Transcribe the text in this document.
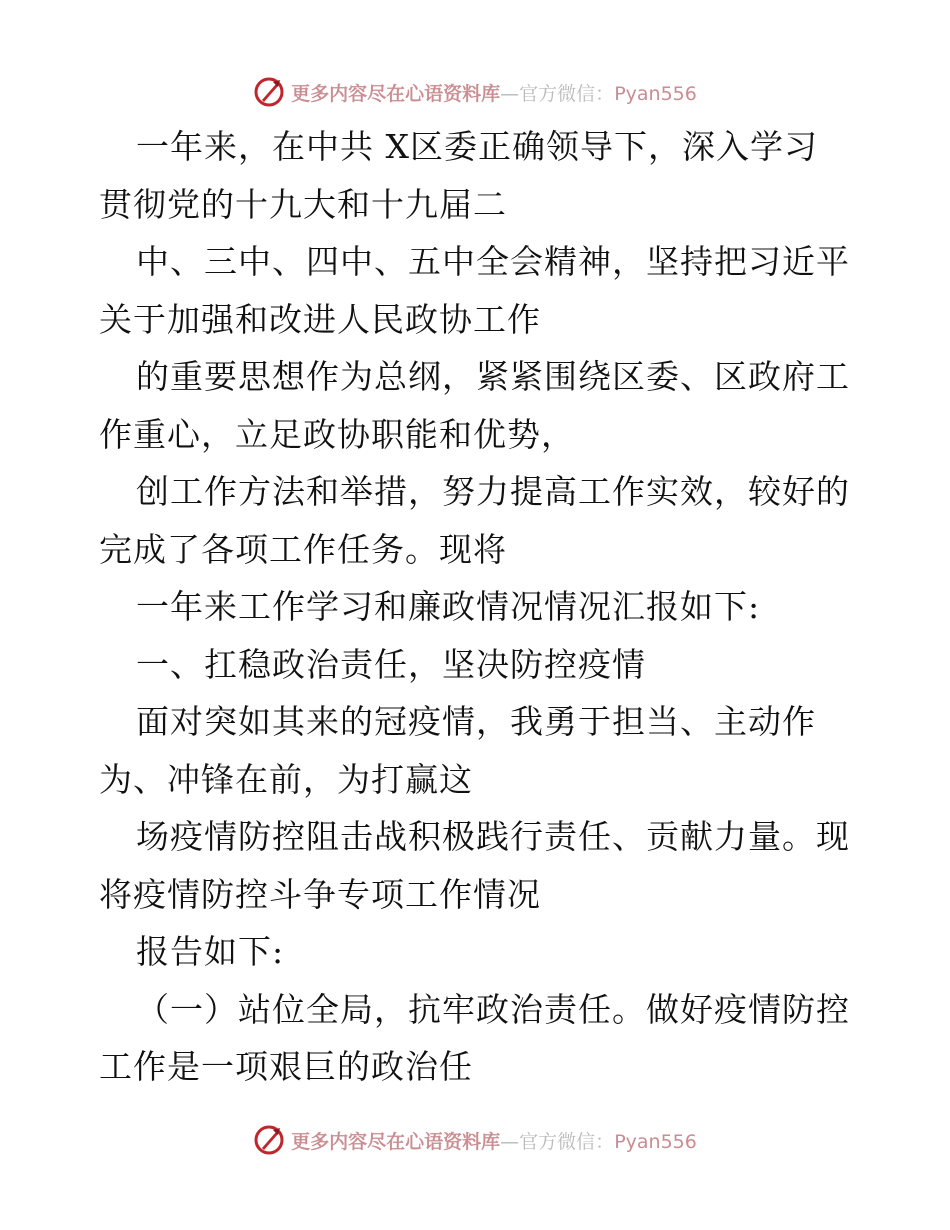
更多内容尽在心语资料库—官方微信：Pyan556
一年来，在中共 X区委正确领导下，深入学习
贯彻党的十九大和十九届二
中、三中、四中、五中全会精神，坚持把习近平
关于加强和改进人民政协工作
的重要思想作为总纲，紧紧围绕区委、区政府工
作重心，立足政协职能和优势，
创工作方法和举措，努力提高工作实效，较好的
完成了各项工作任务。现将
一年来工作学习和廉政情况情况汇报如下:
一、扛稳政治责任，坚决防控疫情
面对突如其来的冠疫情，我勇于担当、主动作
为、冲锋在前，为打赢这
场疫情防控阻击战积极践行责任、贡献力量。现
将疫情防控斗争专项工作情况
报告如下:
（一）站位全局，抗牢政治责任。做好疫情防控
工作是一项艰巨的政治任
更多内容尽在心语资料库—官方微信：Pyan556
